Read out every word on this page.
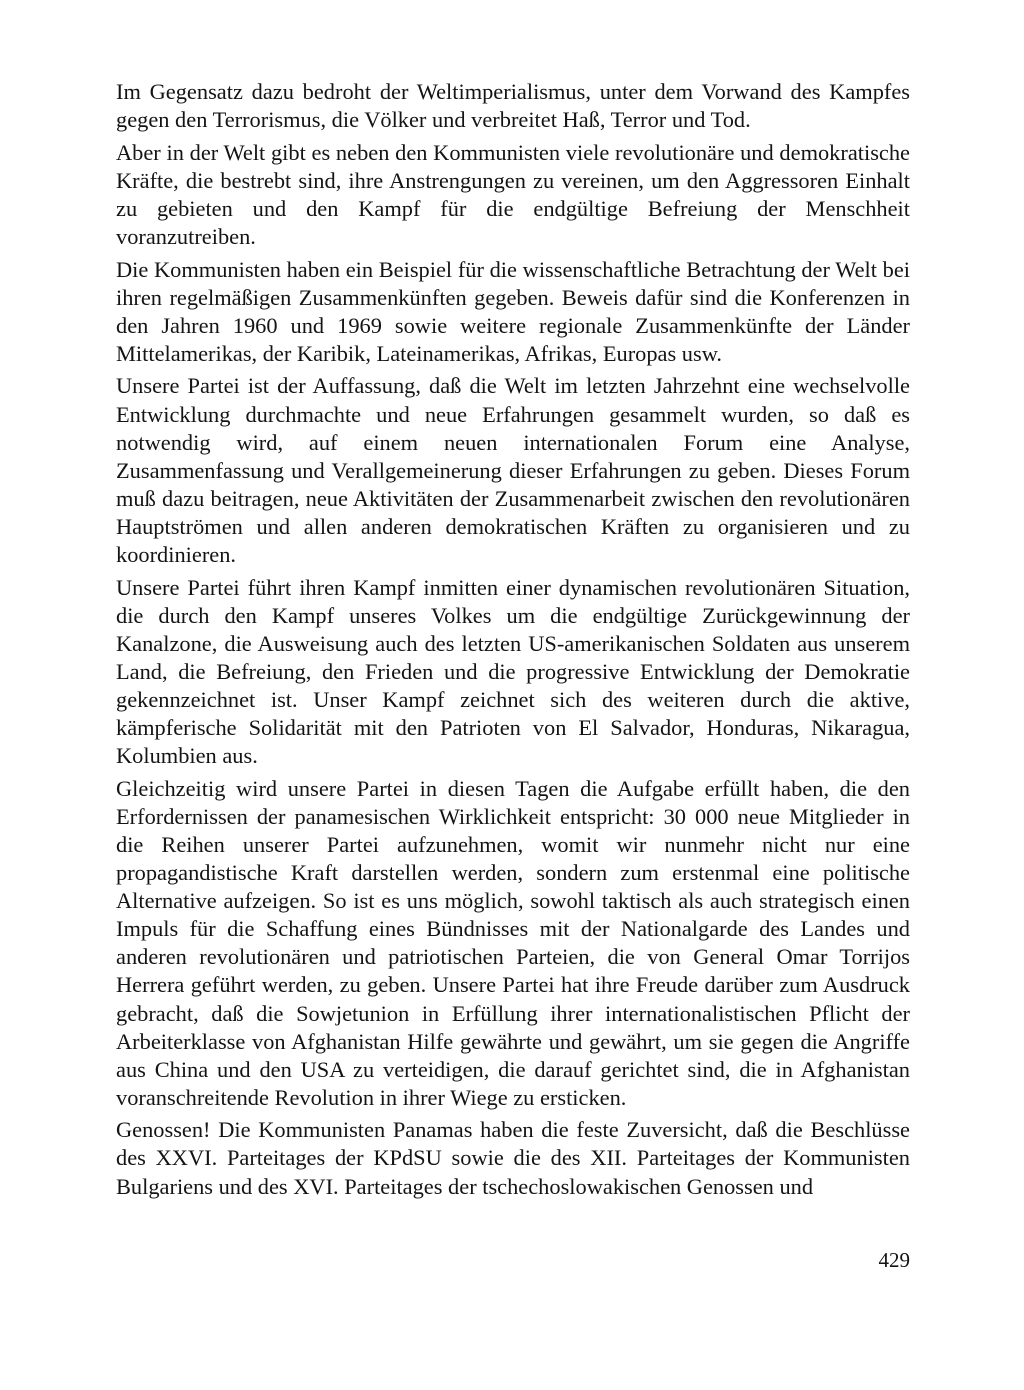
Im Gegensatz dazu bedroht der Weltimperialismus, unter dem Vorwand des Kampfes gegen den Terrorismus, die Völker und verbreitet Haß, Terror und Tod.

Aber in der Welt gibt es neben den Kommunisten viele revolutionäre und demokratische Kräfte, die bestrebt sind, ihre Anstrengungen zu vereinen, um den Aggressoren Einhalt zu gebieten und den Kampf für die endgültige Befreiung der Menschheit voranzutreiben.

Die Kommunisten haben ein Beispiel für die wissenschaftliche Betrachtung der Welt bei ihren regelmäßigen Zusammenkünften gegeben. Beweis dafür sind die Konferenzen in den Jahren 1960 und 1969 sowie weitere regionale Zusammenkünfte der Länder Mittelamerikas, der Karibik, Lateinamerikas, Afrikas, Europas usw.

Unsere Partei ist der Auffassung, daß die Welt im letzten Jahrzehnt eine wechselvolle Entwicklung durchmachte und neue Erfahrungen gesammelt wurden, so daß es notwendig wird, auf einem neuen internationalen Forum eine Analyse, Zusammenfassung und Verallgemeinerung dieser Erfahrungen zu geben. Dieses Forum muß dazu beitragen, neue Aktivitäten der Zusammenarbeit zwischen den revolutionären Hauptströmen und allen anderen demokratischen Kräften zu organisieren und zu koordinieren.

Unsere Partei führt ihren Kampf inmitten einer dynamischen revolutionären Situation, die durch den Kampf unseres Volkes um die endgültige Zurückgewinnung der Kanalzone, die Ausweisung auch des letzten US-amerikanischen Soldaten aus unserem Land, die Befreiung, den Frieden und die progressive Entwicklung der Demokratie gekennzeichnet ist. Unser Kampf zeichnet sich des weiteren durch die aktive, kämpferische Solidarität mit den Patrioten von El Salvador, Honduras, Nikaragua, Kolumbien aus.

Gleichzeitig wird unsere Partei in diesen Tagen die Aufgabe erfüllt haben, die den Erfordernissen der panamesischen Wirklichkeit entspricht: 30 000 neue Mitglieder in die Reihen unserer Partei aufzunehmen, womit wir nunmehr nicht nur eine propagandistische Kraft darstellen werden, sondern zum erstenmal eine politische Alternative aufzeigen. So ist es uns möglich, sowohl taktisch als auch strategisch einen Impuls für die Schaffung eines Bündnisses mit der Nationalgarde des Landes und anderen revolutionären und patriotischen Parteien, die von General Omar Torrijos Herrera geführt werden, zu geben. Unsere Partei hat ihre Freude darüber zum Ausdruck gebracht, daß die Sowjetunion in Erfüllung ihrer internationalistischen Pflicht der Arbeiterklasse von Afghanistan Hilfe gewährte und gewährt, um sie gegen die Angriffe aus China und den USA zu verteidigen, die darauf gerichtet sind, die in Afghanistan voranschreitende Revolution in ihrer Wiege zu ersticken.

Genossen! Die Kommunisten Panamas haben die feste Zuversicht, daß die Beschlüsse des XXVI. Parteitages der KPdSU sowie die des XII. Parteitages der Kommunisten Bulgariens und des XVI. Parteitages der tschechoslowakischen Genossen und

429
